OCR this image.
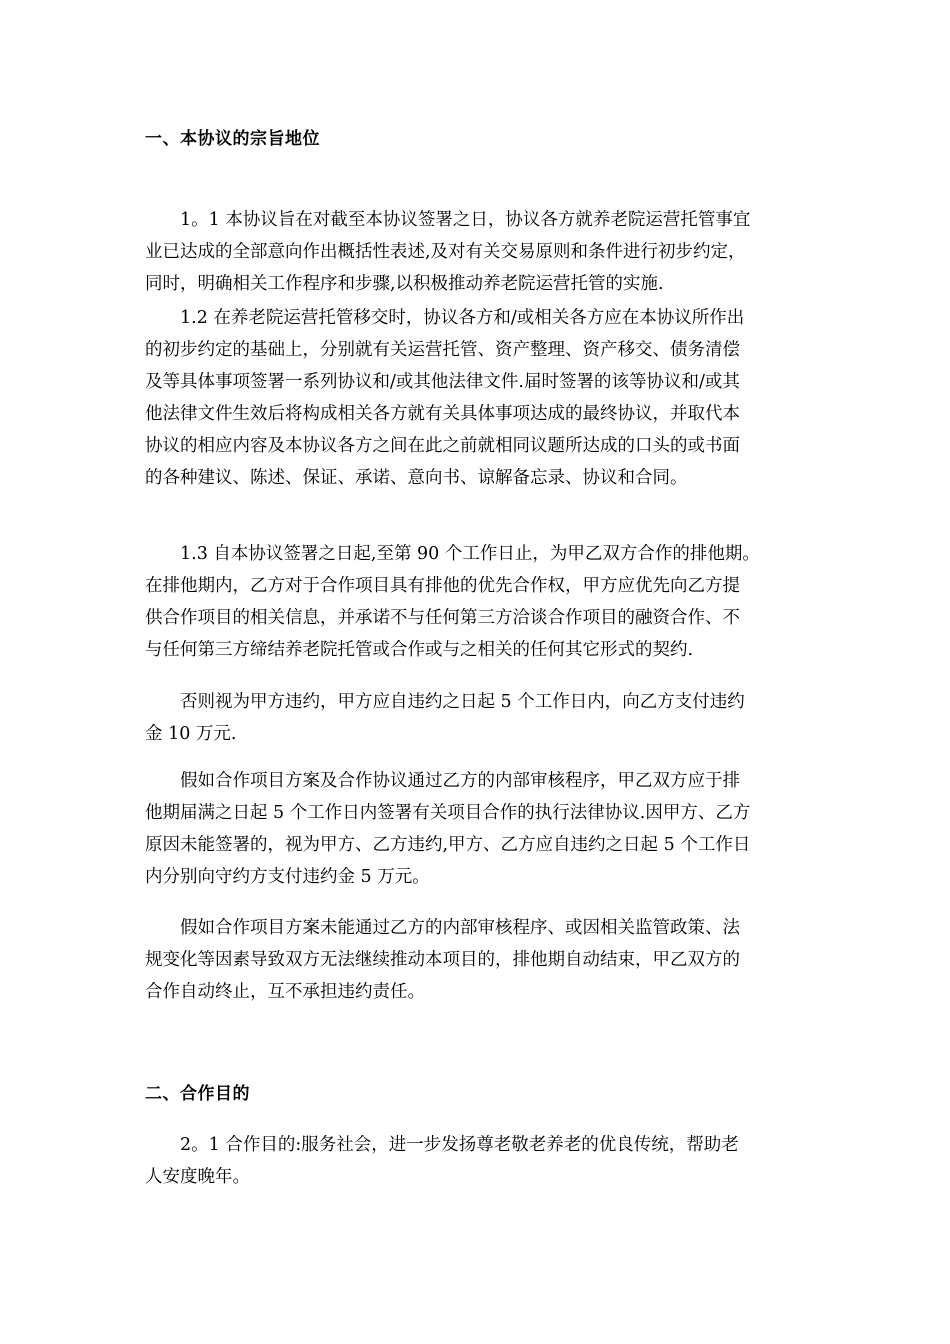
一、本协议的宗旨地位
1。1 本协议旨在对截至本协议签署之日，协议各方就养老院运营托管事宜
业已达成的全部意向作出概括性表述,及对有关交易原则和条件进行初步约定，
同时，明确相关工作程序和步骤,以积极推动养老院运营托管的实施.
1.2 在养老院运营托管移交时，协议各方和/或相关各方应在本协议所作出
的初步约定的基础上，分别就有关运营托管、资产整理、资产移交、债务清偿
及等具体事项签署一系列协议和/或其他法律文件.届时签署的该等协议和/或其
他法律文件生效后将构成相关各方就有关具体事项达成的最终协议，并取代本
协议的相应内容及本协议各方之间在此之前就相同议题所达成的口头的或书面
的各种建议、陈述、保证、承诺、意向书、谅解备忘录、协议和合同。
1.3 自本协议签署之日起,至第 90 个工作日止，为甲乙双方合作的排他期。
在排他期内，乙方对于合作项目具有排他的优先合作权，甲方应优先向乙方提
供合作项目的相关信息，并承诺不与任何第三方洽谈合作项目的融资合作、不
与任何第三方缔结养老院托管或合作或与之相关的任何其它形式的契约.
否则视为甲方违约，甲方应自违约之日起 5 个工作日内，向乙方支付违约
金 10 万元.
假如合作项目方案及合作协议通过乙方的内部审核程序，甲乙双方应于排
他期届满之日起 5 个工作日内签署有关项目合作的执行法律协议.因甲方、乙方
原因未能签署的，视为甲方、乙方违约,甲方、乙方应自违约之日起 5 个工作日
内分别向守约方支付违约金 5 万元。
假如合作项目方案未能通过乙方的内部审核程序、或因相关监管政策、法
规变化等因素导致双方无法继续推动本项目的，排他期自动结束，甲乙双方的
合作自动终止，互不承担违约责任。
二、合作目的
2。1 合作目的:服务社会，进一步发扬尊老敬老养老的优良传统，帮助老
人安度晚年。
